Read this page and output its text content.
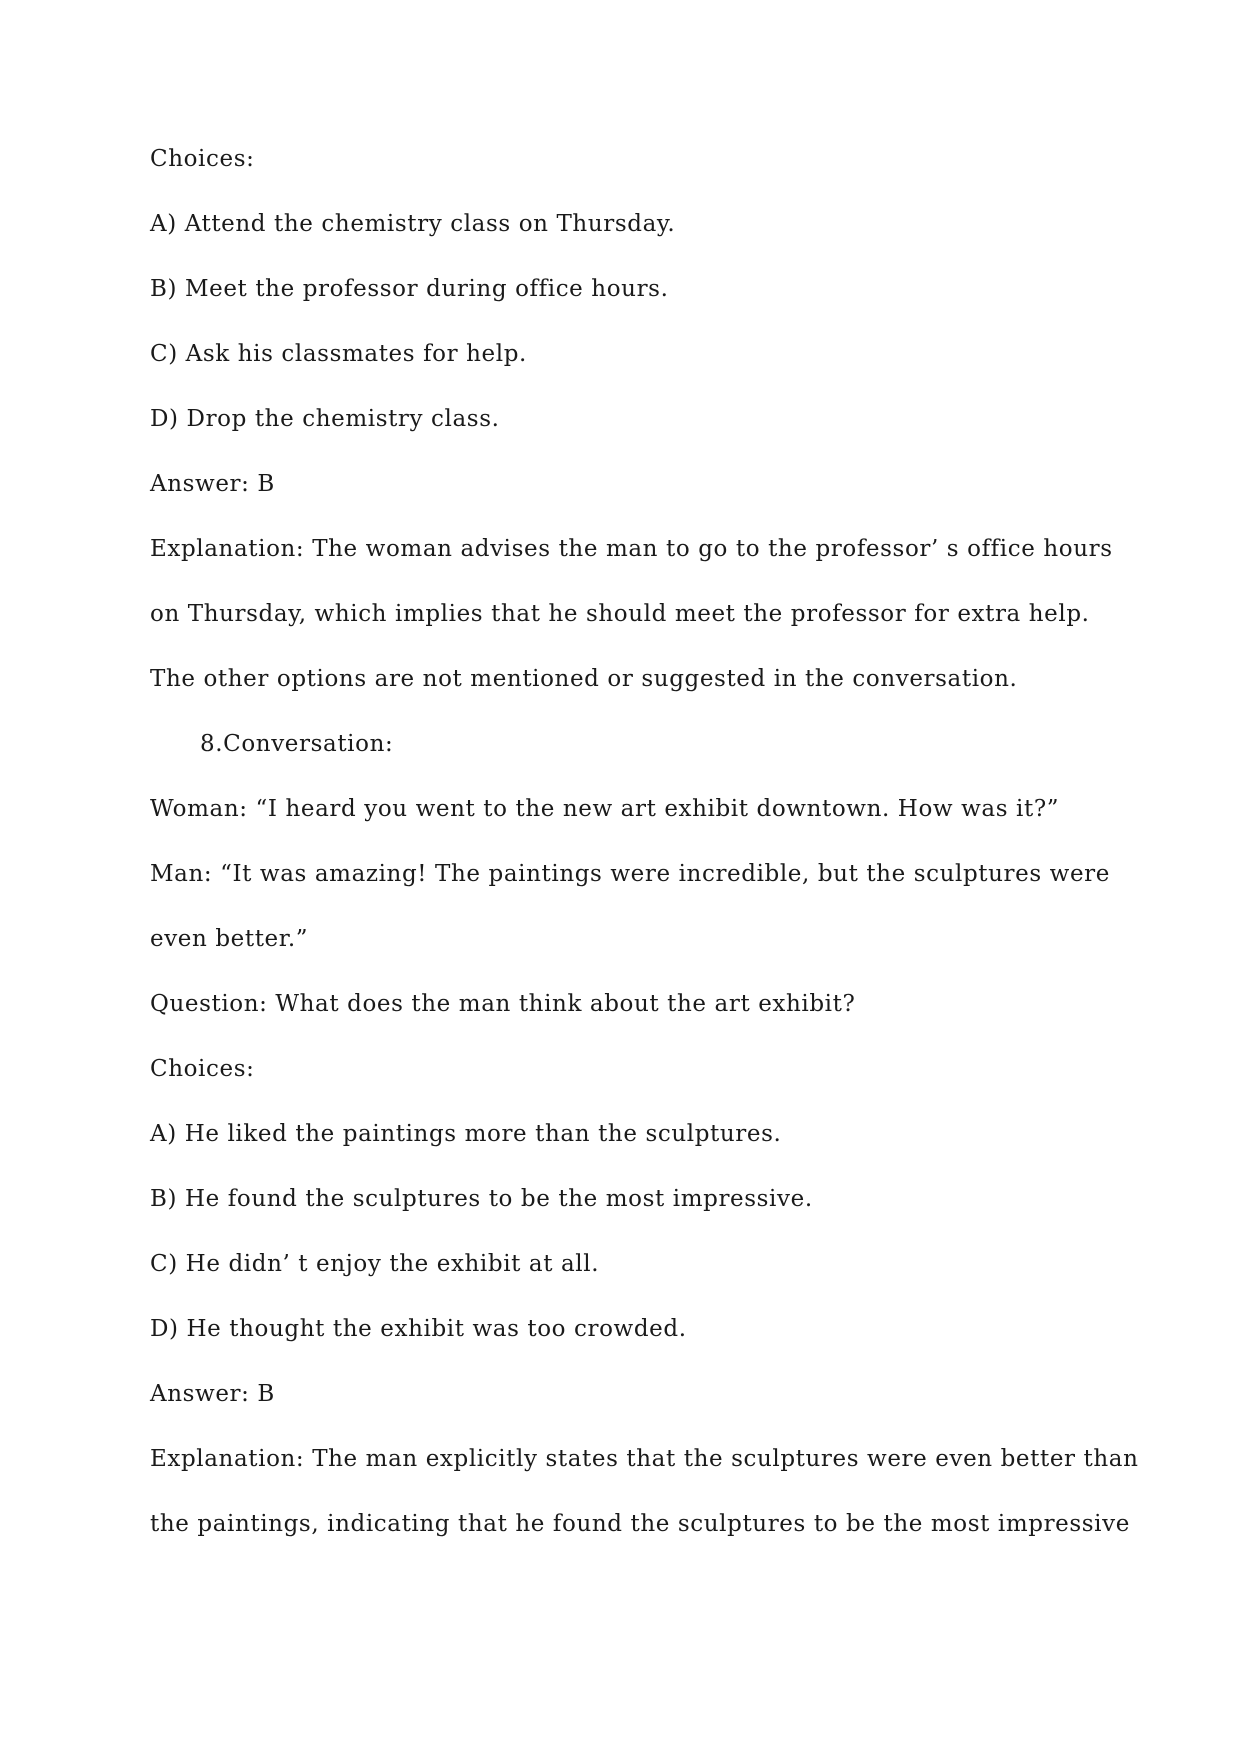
Choices:
A) Attend the chemistry class on Thursday.
B) Meet the professor during office hours.
C) Ask his classmates for help.
D) Drop the chemistry class.
Answer: B
Explanation: The woman advises the man to go to the professor’ s office hours
on Thursday, which implies that he should meet the professor for extra help.
The other options are not mentioned or suggested in the conversation.
8.Conversation:
Woman: “I heard you went to the new art exhibit downtown. How was it?”
Man: “It was amazing! The paintings were incredible, but the sculptures were
even better.”
Question: What does the man think about the art exhibit?
Choices:
A) He liked the paintings more than the sculptures.
B) He found the sculptures to be the most impressive.
C) He didn’ t enjoy the exhibit at all.
D) He thought the exhibit was too crowded.
Answer: B
Explanation: The man explicitly states that the sculptures were even better than
the paintings, indicating that he found the sculptures to be the most impressive
